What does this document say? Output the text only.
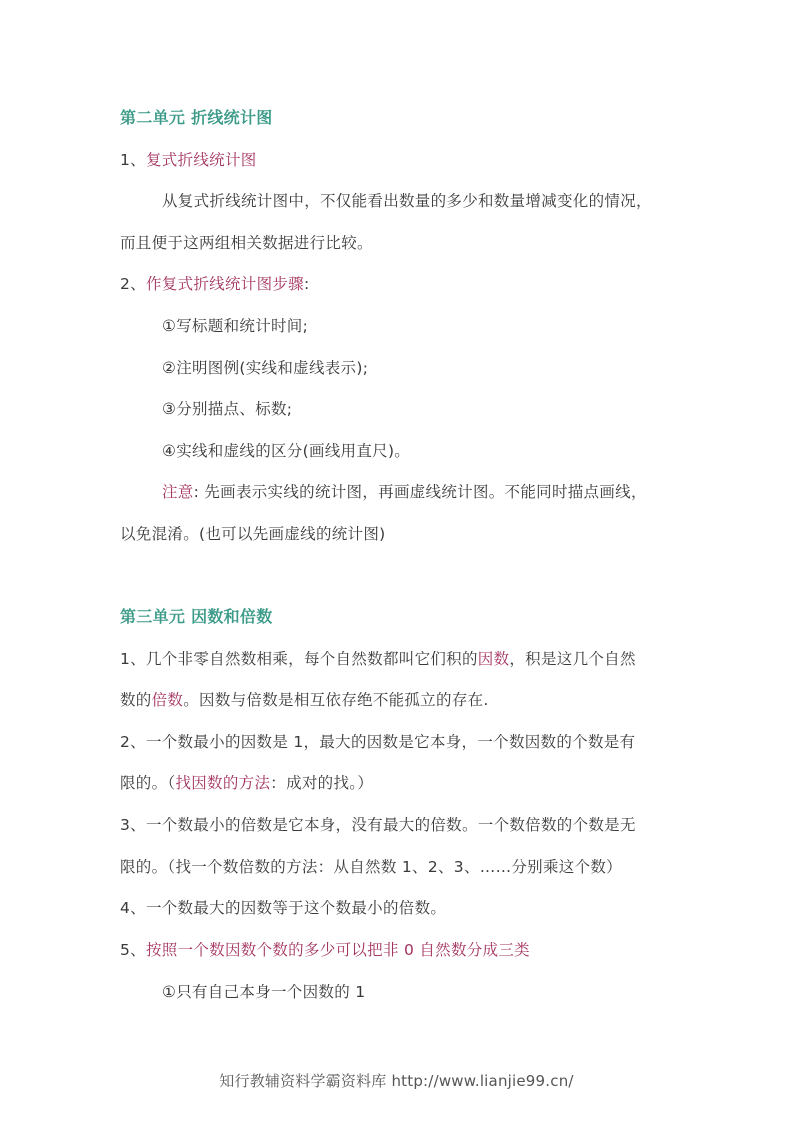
第二单元 折线统计图
1、复式折线统计图
从复式折线统计图中，不仅能看出数量的多少和数量增减变化的情况，
而且便于这两组相关数据进行比较。
2、作复式折线统计图步骤:
①写标题和统计时间;
②注明图例(实线和虚线表示);
③分别描点、标数;
④实线和虚线的区分(画线用直尺)。
注意: 先画表示实线的统计图，再画虚线统计图。不能同时描点画线，
以免混淆。(也可以先画虚线的统计图)
第三单元 因数和倍数
1、几个非零自然数相乘，每个自然数都叫它们积的因数，积是这几个自然
数的倍数。因数与倍数是相互依存绝不能孤立的存在.
2、一个数最小的因数是 1，最大的因数是它本身，一个数因数的个数是有
限的。（找因数的方法：成对的找。）
3、一个数最小的倍数是它本身，没有最大的倍数。一个数倍数的个数是无
限的。（找一个数倍数的方法：从自然数 1、2、3、……分别乘这个数）
4、一个数最大的因数等于这个数最小的倍数。
5、按照一个数因数个数的多少可以把非 0 自然数分成三类
①只有自己本身一个因数的 1
知行教辅资料学霸资料库 http://www.lianjie99.cn/
